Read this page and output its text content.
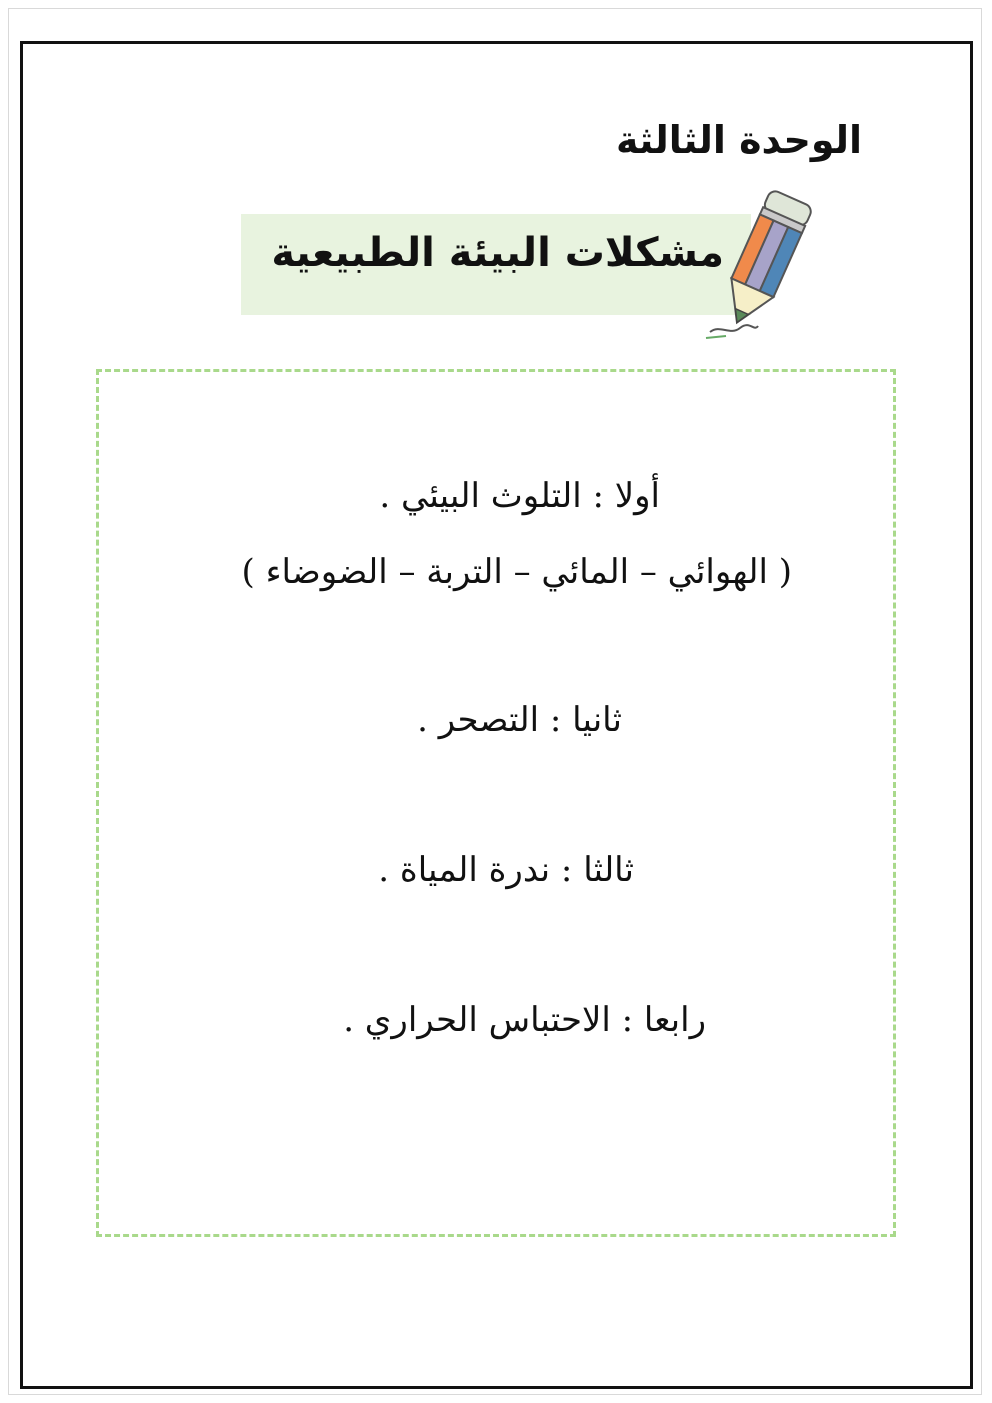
الوحدة الثالثة
مشكلات البيئة الطبيعية
أولا : التلوث البيئي .
( الهوائي – المائي – التربة – الضوضاء )
ثانيا : التصحر .
ثالثا : ندرة المياة .
رابعا : الاحتباس الحراري .
